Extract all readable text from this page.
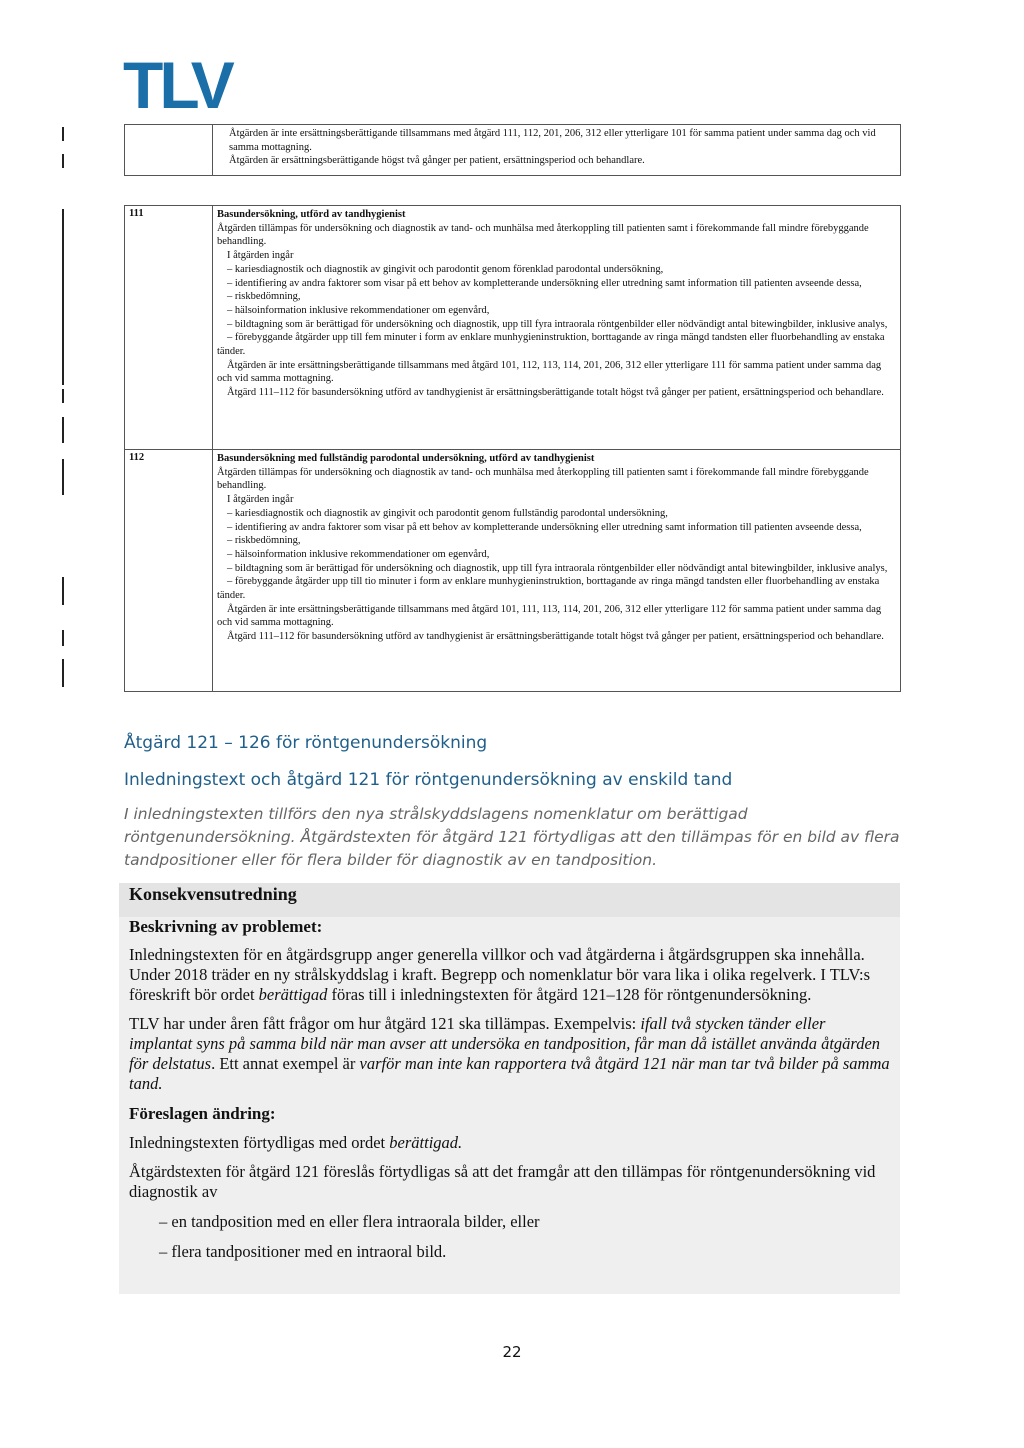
TLV
Åtgärden är inte ersättningsberättigande tillsammans med åtgärd 111, 112, 201, 206, 312 eller ytterligare 101 för samma patient under samma dag och vid samma mottagning.
Åtgärden är ersättningsberättigande högst två gånger per patient, ersättningsperiod och behandlare.
111	Basundersökning, utförd av tandhygienist
Åtgärden tillämpas för undersökning och diagnostik av tand- och munhälsa med återkoppling till patienten samt i förekommande fall mindre förebyggande behandling.
I åtgärden ingår
– kariesdiagnostik och diagnostik av gingivit och parodontit genom förenklad parodontal undersökning,
– identifiering av andra faktorer som visar på ett behov av kompletterande undersökning eller utredning samt information till patienten avseende dessa,
– riskbedömning,
– hälsoinformation inklusive rekommendationer om egenvård,
– bildtagning som är berättigad för undersökning och diagnostik, upp till fyra intraorala röntgenbilder eller nödvändigt antal bitewingbilder, inklusive analys,
– förebyggande åtgärder upp till fem minuter i form av enklare munhygieninstruktion, borttagande av ringa mängd tandsten eller fluorbehandling av enstaka tänder.
Åtgärden är inte ersättningsberättigande tillsammans med åtgärd 101, 112, 113, 114, 201, 206, 312 eller ytterligare 111 för samma patient under samma dag och vid samma mottagning.
Åtgärd 111–112 för basundersökning utförd av tandhygienist är ersättningsberättigande totalt högst två gånger per patient, ersättningsperiod och behandlare.
112	Basundersökning med fullständig parodontal undersökning, utförd av tandhygienist
Åtgärden tillämpas för undersökning och diagnostik av tand- och munhälsa med återkoppling till patienten samt i förekommande fall mindre förebyggande behandling.
I åtgärden ingår
– kariesdiagnostik och diagnostik av gingivit och parodontit genom fullständig parodontal undersökning,
– identifiering av andra faktorer som visar på ett behov av kompletterande undersökning eller utredning samt information till patienten avseende dessa,
– riskbedömning,
– hälsoinformation inklusive rekommendationer om egenvård,
– bildtagning som är berättigad för undersökning och diagnostik, upp till fyra intraorala röntgenbilder eller nödvändigt antal bitewingbilder, inklusive analys,
– förebyggande åtgärder upp till tio minuter i form av enklare munhygieninstruktion, borttagande av ringa mängd tandsten eller fluorbehandling av enstaka tänder.
Åtgärden är inte ersättningsberättigande tillsammans med åtgärd 101, 111, 113, 114, 201, 206, 312 eller ytterligare 112 för samma patient under samma dag och vid samma mottagning.
Åtgärd 111–112 för basundersökning utförd av tandhygienist är ersättningsberättigande totalt högst två gånger per patient, ersättningsperiod och behandlare.
Åtgärd 121 – 126 för röntgenundersökning
Inledningstext och åtgärd 121 för röntgenundersökning av enskild tand

I inledningstexten tillförs den nya strålskyddslagens nomenklatur om berättigad röntgenundersökning. Åtgärdstexten för åtgärd 121 förtydligas att den tillämpas för en bild av flera tandpositioner eller för flera bilder för diagnostik av en tandposition.

Konsekvensutredning
Beskrivning av problemet:

Inledningstexten för en åtgärdsgrupp anger generella villkor och vad åtgärderna i åtgärdsgruppen ska innehålla. Under 2018 träder en ny strålskyddslag i kraft. Begrepp och nomenklatur bör vara lika i olika regelverk. I TLV:s föreskrift bör ordet berättigad föras till i inledningstexten för åtgärd 121–128 för röntgenundersökning.

TLV har under åren fått frågor om hur åtgärd 121 ska tillämpas. Exempelvis: ifall två stycken tänder eller implantat syns på samma bild när man avser att undersöka en tandposition, får man då istället använda åtgärden för delstatus. Ett annat exempel är varför man inte kan rapportera två åtgärd 121 när man tar två bilder på samma tand.

Föreslagen ändring:

Inledningstexten förtydligas med ordet berättigad.

Åtgärdstexten för åtgärd 121 föreslås förtydligas så att det framgår att den tillämpas för röntgenundersökning vid diagnostik av

– en tandposition med en eller flera intraorala bilder, eller
– flera tandpositioner med en intraoral bild.
22
